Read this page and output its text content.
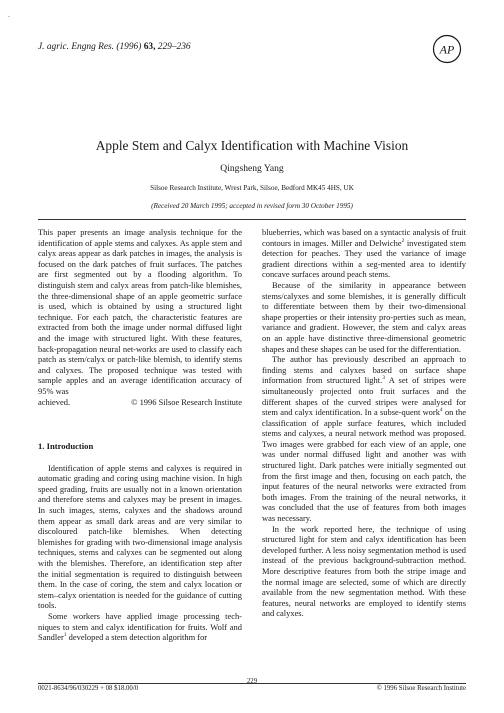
-
J. agric. Engng Res. (1996) 63, 229–236	AP
Apple Stem and Calyx Identification with Machine Vision
Qingsheng Yang
Silsoe Research Institute, Wrest Park, Silsoe, Bedford MK45 4HS, UK
(Received 20 March 1995; accepted in revised form 30 October 1995)

This paper presents an image analysis technique for the identification of apple stems and calyxes. As apple stem and calyx areas appear as dark patches in images, the analysis is focused on the dark patches of fruit surfaces. The patches are first segmented out by a flooding algorithm. To distinguish stem and calyx areas from patch-like blemishes, the three-dimensional shape of an apple geometric surface is used, which is obtained by using a structured light technique. For each patch, the characteristic features are extracted from both the image under normal diffused light and the image with structured light. With these features, back-propagation neural net-works are used to classify each patch as stem/calyx or patch-like blemish, to identify stems and calyxes. The proposed technique was tested with sample apples and an average identification accuracy of 95% was

achieved.	© 1996 Silsoe Research Institute

1. Introduction

Identification of apple stems and calyxes is required in automatic grading and coring using machine vision. In high speed grading, fruits are usually not in a known orientation and therefore stems and calyxes may be present in images. In such images, stems, calyxes and the shadows around them appear as small dark areas and are very similar to discoloured patch-like blemishes. When detecting blemishes for grading with two-dimensional image analysis techniques, stems and calyxes can be segmented out along with the blemishes. Therefore, an identification step after the initial segmentation is required to distinguish between them. In the case of coring, the stem and calyx location or stem–calyx orientation is needed for the guidance of cutting tools.

Some workers have applied image processing tech-niques to stem and calyx identification for fruits. Wolf and Sandler$^1$ developed a stem detection algorithm for

blueberries, which was based on a syntactic analysis of fruit contours in images. Miller and Delwiche$^2$ investigated stem detection for peaches. They used the variance of image gradient directions within a seg-mented area to identify concave surfaces around peach stems.

Because of the similarity in appearance between stems/calyxes and some blemishes, it is generally difficult to differentiate between them by their two-dimensional shape properties or their intensity pro-perties such as mean, variance and gradient. However, the stem and calyx areas on an apple have distinctive three-dimensional geometric shapes and these shapes can be used for the differentiation.

The author has previously described an approach to finding stems and calyxes based on surface shape information from structured light.$^3$ A set of stripes were simultaneously projected onto fruit surfaces and the different shapes of the curved stripes were analysed for stem and calyx identification. In a subse-quent work$^4$ on the classification of apple surface features, which included stems and calyxes, a neural network method was proposed. Two images were grabbed for each view of an apple, one was under normal diffused light and another was with structured light. Dark patches were initially segmented out from the first image and then, focusing on each patch, the input features of the neural networks were extracted from both images. From the training of the neural networks, it was concluded that the use of features from both images was necessary.

In the work reported here, the technique of using structured light for stem and calyx identification has been developed further. A less noisy segmentation method is used instead of the previous background-subtraction method. More descriptive features from both the stripe image and the normal image are selected, some of which are directly available from the new segmentation method. With these features, neural networks are employed to identify stems and calyxes.

229
0021-8634/96/030229 + 08 $18.00/0	© 1996 Silsoe Research Institute
